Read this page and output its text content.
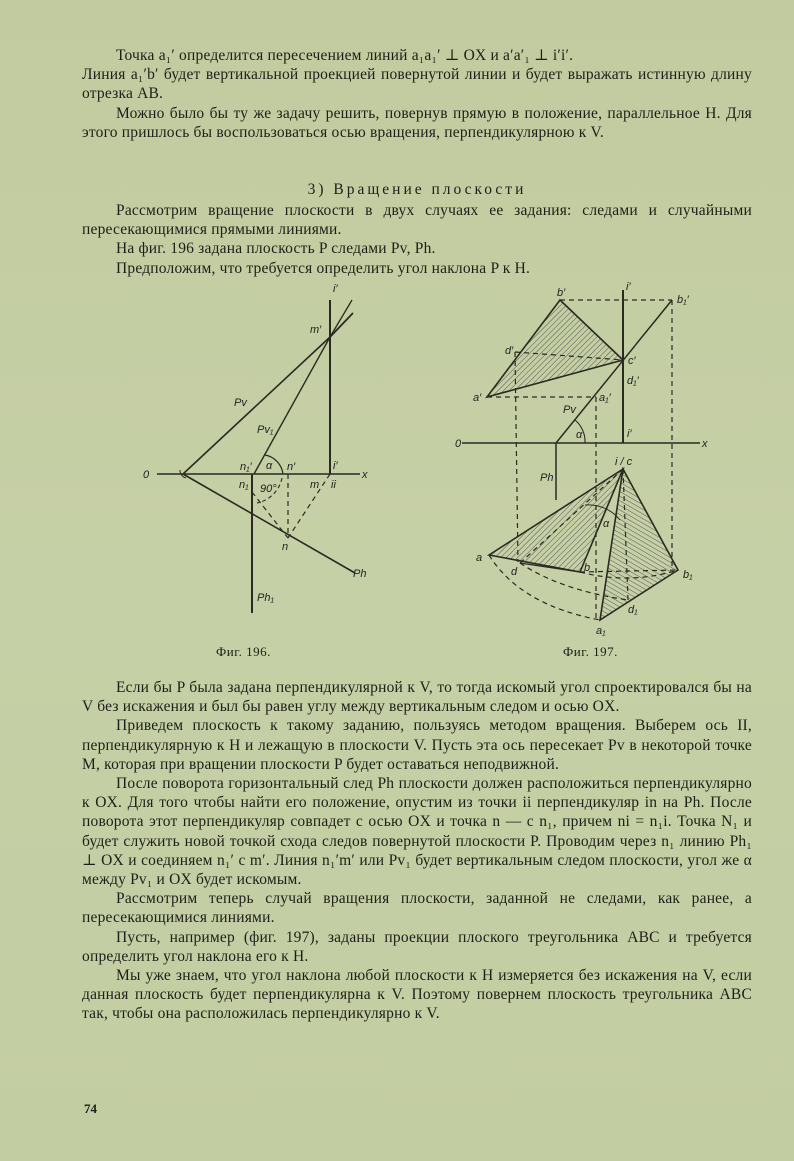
Точка a₁′ определится пересечением линий a₁a₁′ ⊥ OX и a′a′₁ ⊥ i′i′.

Линия a₁′b′ будет вертикальной проекцией повернутой линии и будет выражать истинную длину отрезка AB.

Можно было бы ту же задачу решить, повернув прямую в положение, параллельное H. Для этого пришлось бы воспользоваться осью вращения, перпендикулярною к V.

3) Вращение плоскости

Рассмотрим вращение плоскости в двух случаях ее задания: следами и случайными пересекающимися прямыми линиями.

На фиг. 196 задана плоскость P следами Pv, Ph.

Предположим, что требуется определить угол наклона P к H.

i′
m′
Pv
Pv₁
0	x
n₁′ α n′	i′
n₁ 90°	m ii
n
Ph
Ph₁
Фиг. 196.
b′	i′
b₁′
d′
c′
d₁′
a′	a₁′
Pv
α	i′
0	x
Ph
i / c
α
a
d	b
b₁
d₁
a₁
Фиг. 197.

Если бы P была задана перпендикулярной к V, то тогда искомый угол спроектировался бы на V без искажения и был бы равен углу между вертикальным следом и осью OX.

Приведем плоскость к такому заданию, пользуясь методом вращения. Выберем ось II, перпендикулярную к H и лежащую в плоскости V. Пусть эта ось пересекает Pv в некоторой точке M, которая при вращении плоскости P будет оставаться неподвижной.

После поворота горизонтальный след Ph плоскости должен расположиться перпендикулярно к OX. Для того чтобы найти его положение, опустим из точки ii перпендикуляр in на Ph. После поворота этот перпендикуляр совпадет с осью OX и точка n — с n₁, причем ni = n₁i. Точка N₁ и будет служить новой точкой схода следов повернутой плоскости P. Проводим через n₁ линию Ph₁ ⊥ OX и соединяем n₁′ с m′. Линия n₁′m′ или Pv₁ будет вертикальным следом плоскости, угол же α между Pv₁ и OX будет искомым.

Рассмотрим теперь случай вращения плоскости, заданной не следами, как ранее, а пересекающимися линиями.

Пусть, например (фиг. 197), заданы проекции плоского треугольника ABC и требуется определить угол наклона его к H.

Мы уже знаем, что угол наклона любой плоскости к H измеряется без искажения на V, если данная плоскость будет перпендикулярна к V. Поэтому повернем плоскость треугольника ABC так, чтобы она расположилась перпендикулярно к V.

74
